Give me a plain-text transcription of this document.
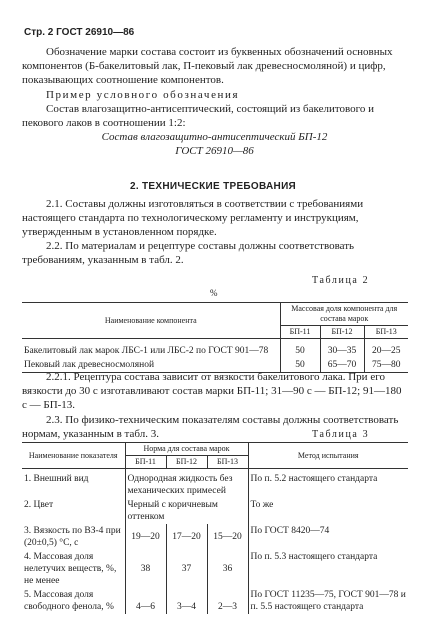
Стр. 2 ГОСТ 26910—86
Обозначение марки состава состоит из буквенных обозначений основных компонентов (Б-бакелитовый лак, П-пековый лак древесносмоляной) и цифр, показывающих соотношение компонентов.
Пример условного обозначения
Состав влагозащитно-антисептический, состоящий из бакелитового и пекового лаков в соотношении 1:2:
Состав влагозащитно-антисептический БП-12
ГОСТ 26910—86
2. ТЕХНИЧЕСКИЕ ТРЕБОВАНИЯ
2.1. Составы должны изготовляться в соответствии с требованиями настоящего стандарта по технологическому регламенту и инструкциям, утвержденным в установленном порядке.
2.2. По материалам и рецептуре составы должны соответствовать требованиям, указанным в табл. 2.
Таблица 2
%
Наименование компонента	Массовая доля компонента для состава марок		
	БП-11	БП-12	БП-13
Бакелитовый лак марок ЛБС-1 или ЛБС-2 по ГОСТ 901—78	50	30—35	20—25
Пековый лак древесносмоляной	50	65—70	75—80
2.2.1. Рецептура состава зависит от вязкости бакелитового лака. При его вязкости до 30 с изготавливают состав марки БП-11; 31—90 с — БП-12; 91—180 с — БП-13.
2.3. По физико-техническим показателям составы должны соответствовать нормам, указанным в табл. 3.	Таблица 3
Наименование показателя	Норма для состава марок			Метод испытания
	БП-11	БП-12	БП-13	
1. Внешний вид	Однородная жидкость без механических примесей			По п. 5.2 настоящего стандарта
2. Цвет	Черный с коричневым оттенком			То же
3. Вязкость по ВЗ-4 при (20±0,5) °С, с	19—20	17—20	15—20	По ГОСТ 8420—74
4. Массовая доля нелетучих веществ, %, не менее	38	37	36	По п. 5.3 настоящего стандарта
5. Массовая доля свободного фенола, %	4—6	3—4	2—3	По ГОСТ 11235—75, ГОСТ 901—78 и п. 5.5 настоящего стандарта
